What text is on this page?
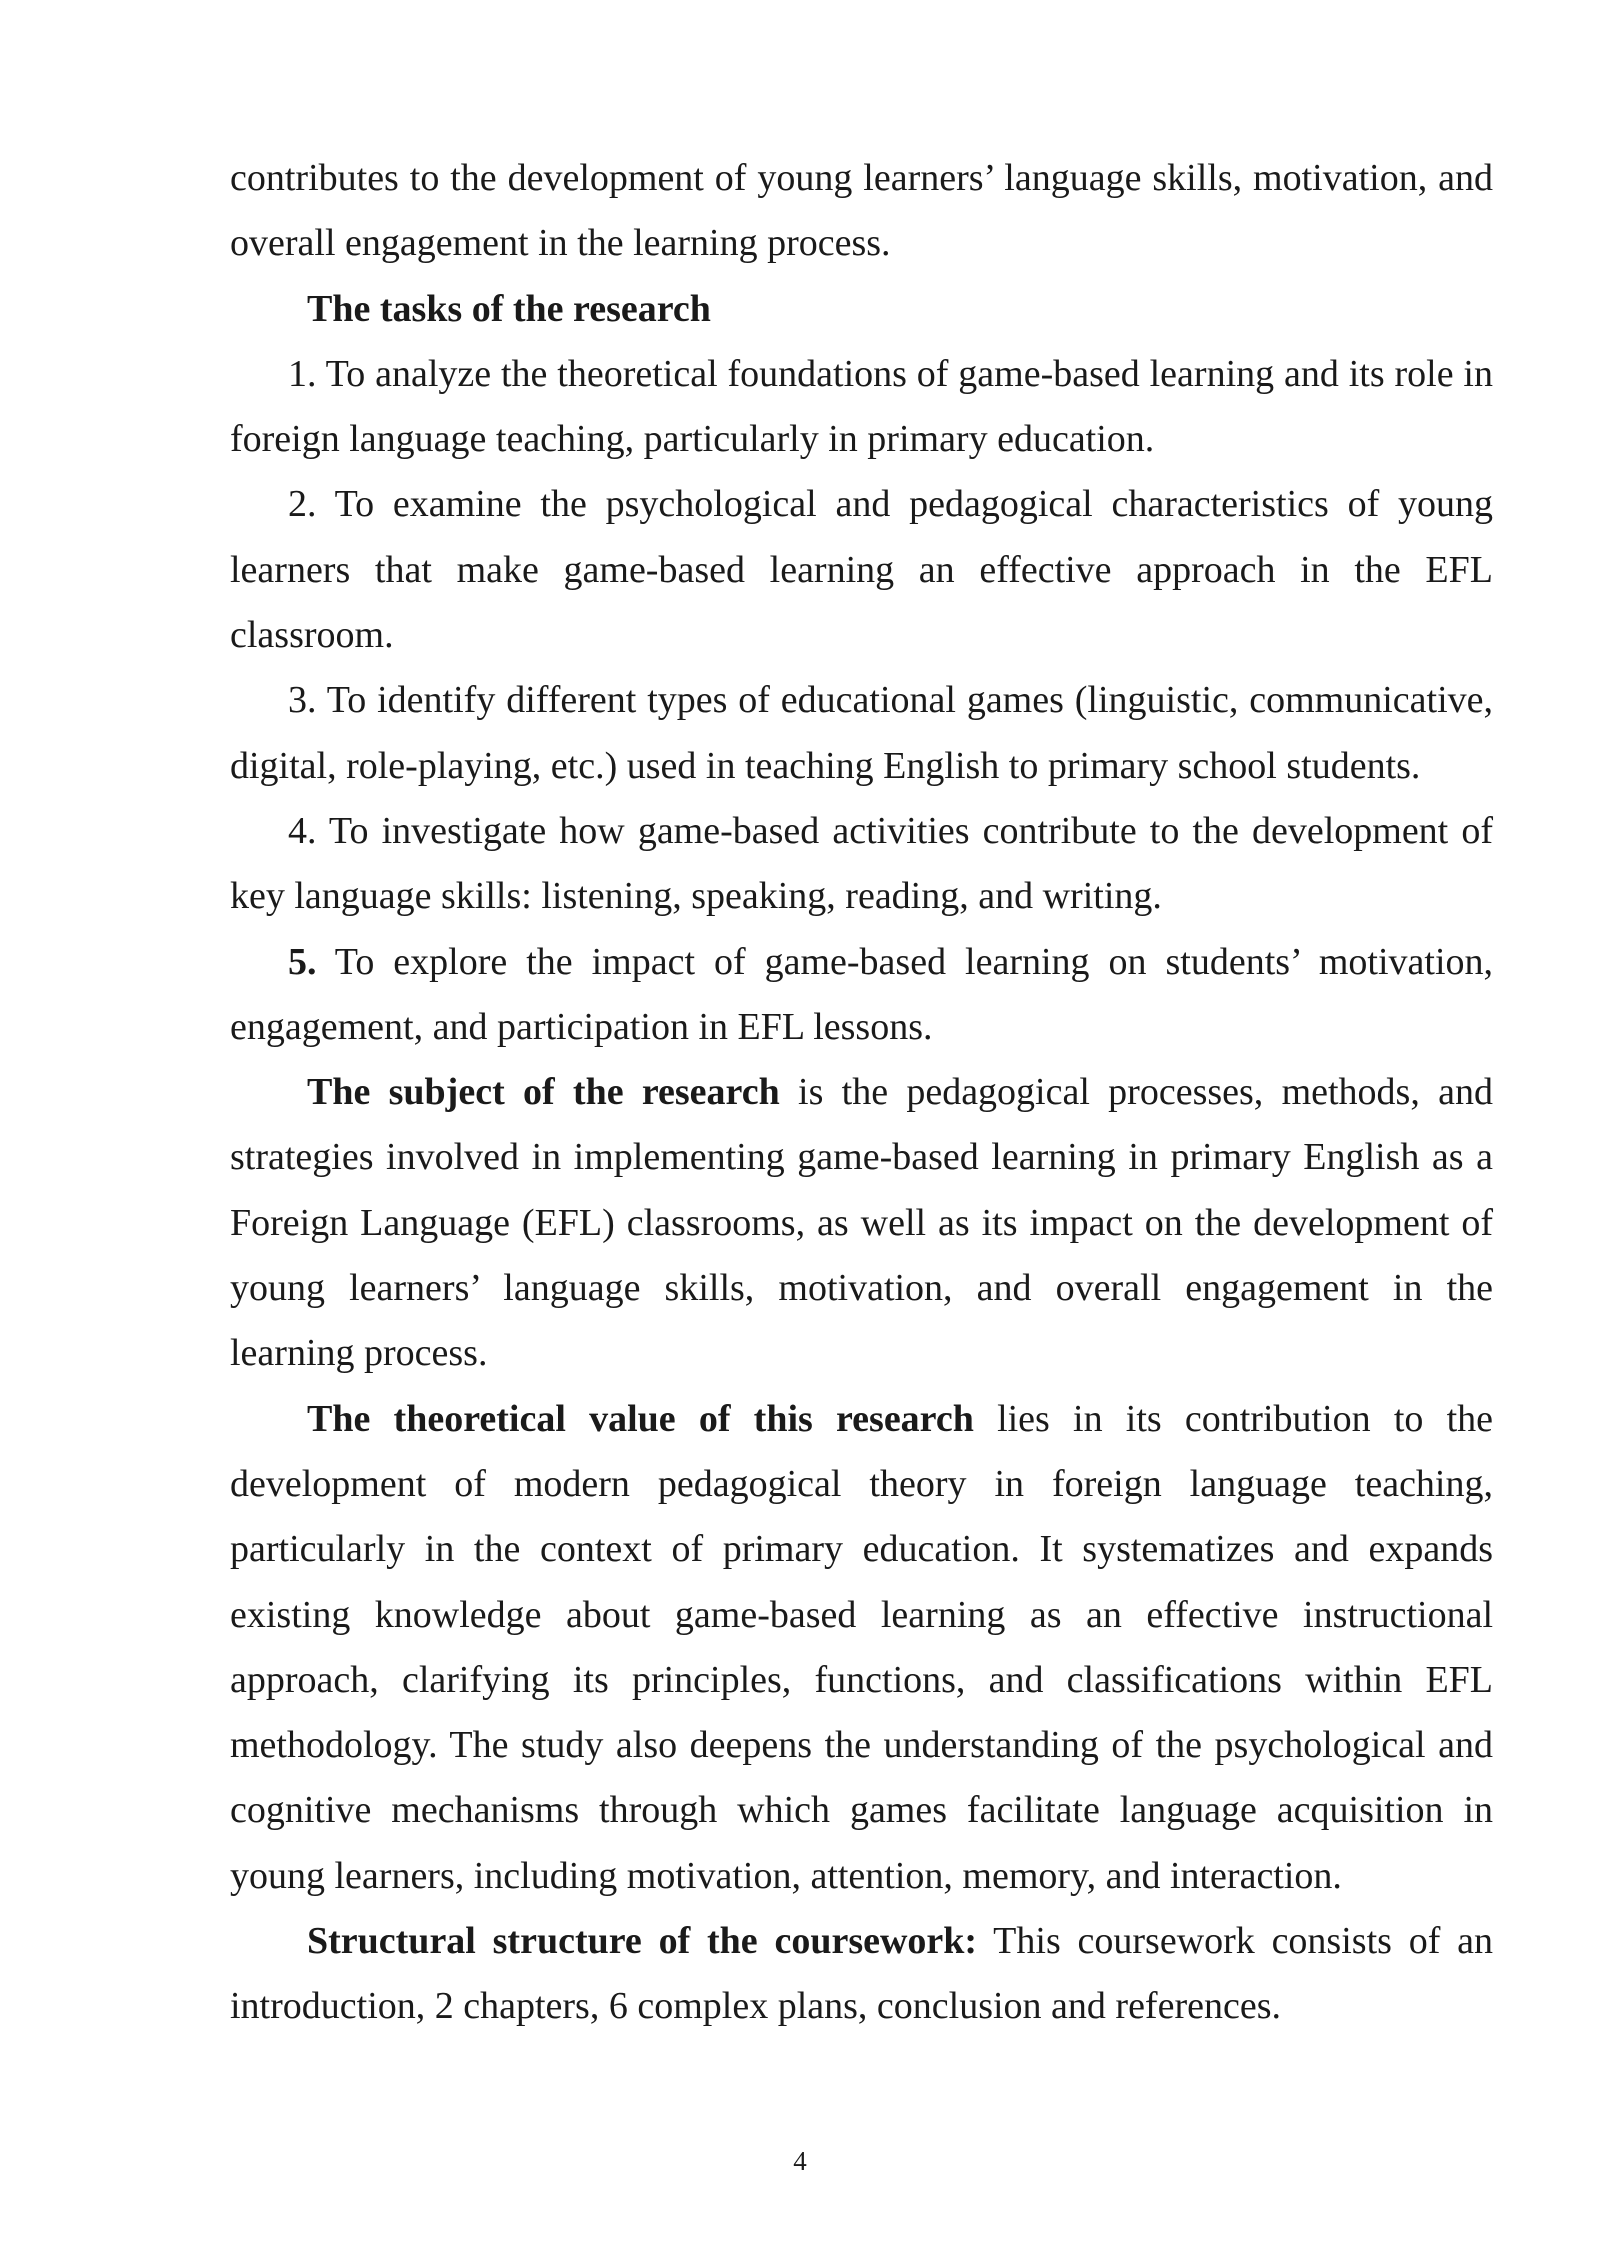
contributes to the development of young learners’ language skills, motivation, and overall engagement in the learning process.

The tasks of the research

1. To analyze the theoretical foundations of game-based learning and its role in foreign language teaching, particularly in primary education.

2. To examine the psychological and pedagogical characteristics of young learners that make game-based learning an effective approach in the EFL classroom.

3. To identify different types of educational games (linguistic, communicative, digital, role-playing, etc.) used in teaching English to primary school students.

4. To investigate how game-based activities contribute to the development of key language skills: listening, speaking, reading, and writing.

5. To explore the impact of game-based learning on students’ motivation, engagement, and participation in EFL lessons.

The subject of the research is the pedagogical processes, methods, and strategies involved in implementing game-based learning in primary English as a Foreign Language (EFL) classrooms, as well as its impact on the development of young learners’ language skills, motivation, and overall engagement in the learning process.

The theoretical value of this research lies in its contribution to the development of modern pedagogical theory in foreign language teaching, particularly in the context of primary education. It systematizes and expands existing knowledge about game-based learning as an effective instructional approach, clarifying its principles, functions, and classifications within EFL methodology. The study also deepens the understanding of the psychological and cognitive mechanisms through which games facilitate language acquisition in young learners, including motivation, attention, memory, and interaction.

Structural structure of the coursework: This coursework consists of an introduction, 2 chapters, 6 complex plans, conclusion and references.

4
